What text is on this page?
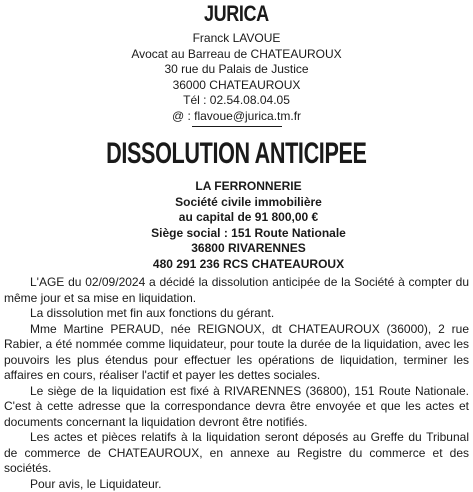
JURICA
Franck LAVOUE
Avocat au Barreau de CHATEAUROUX
30 rue du Palais de Justice
36000 CHATEAUROUX
Tél : 02.54.08.04.05
@ : flavoue@jurica.tm.fr
DISSOLUTION ANTICIPEE
LA FERRONNERIE
Société civile immobilière
au capital de 91 800,00 €
Siège social : 151 Route Nationale
36800 RIVARENNES
480 291 236 RCS CHATEAUROUX

L'AGE du 02/09/2024 a décidé la dissolution anticipée de la Société à compter du même jour et sa mise en liquidation.

La dissolution met fin aux fonctions du gérant.

Mme Martine PERAUD, née REIGNOUX, dt CHATEAUROUX (36000), 2 rue Rabier, a été nommée comme liquidateur, pour toute la durée de la liquidation, avec les pouvoirs les plus étendus pour effectuer les opérations de liquidation, terminer les affaires en cours, réaliser l'actif et payer les dettes sociales.

Le siège de la liquidation est fixé à RIVARENNES (36800), 151 Route Nationale. C'est à cette adresse que la correspondance devra être envoyée et que les actes et documents concernant la liquidation devront être notifiés.

Les actes et pièces relatifs à la liquidation seront déposés au Greffe du Tribunal de commerce de CHATEAUROUX, en annexe au Registre du commerce et des sociétés.

Pour avis, le Liquidateur.
